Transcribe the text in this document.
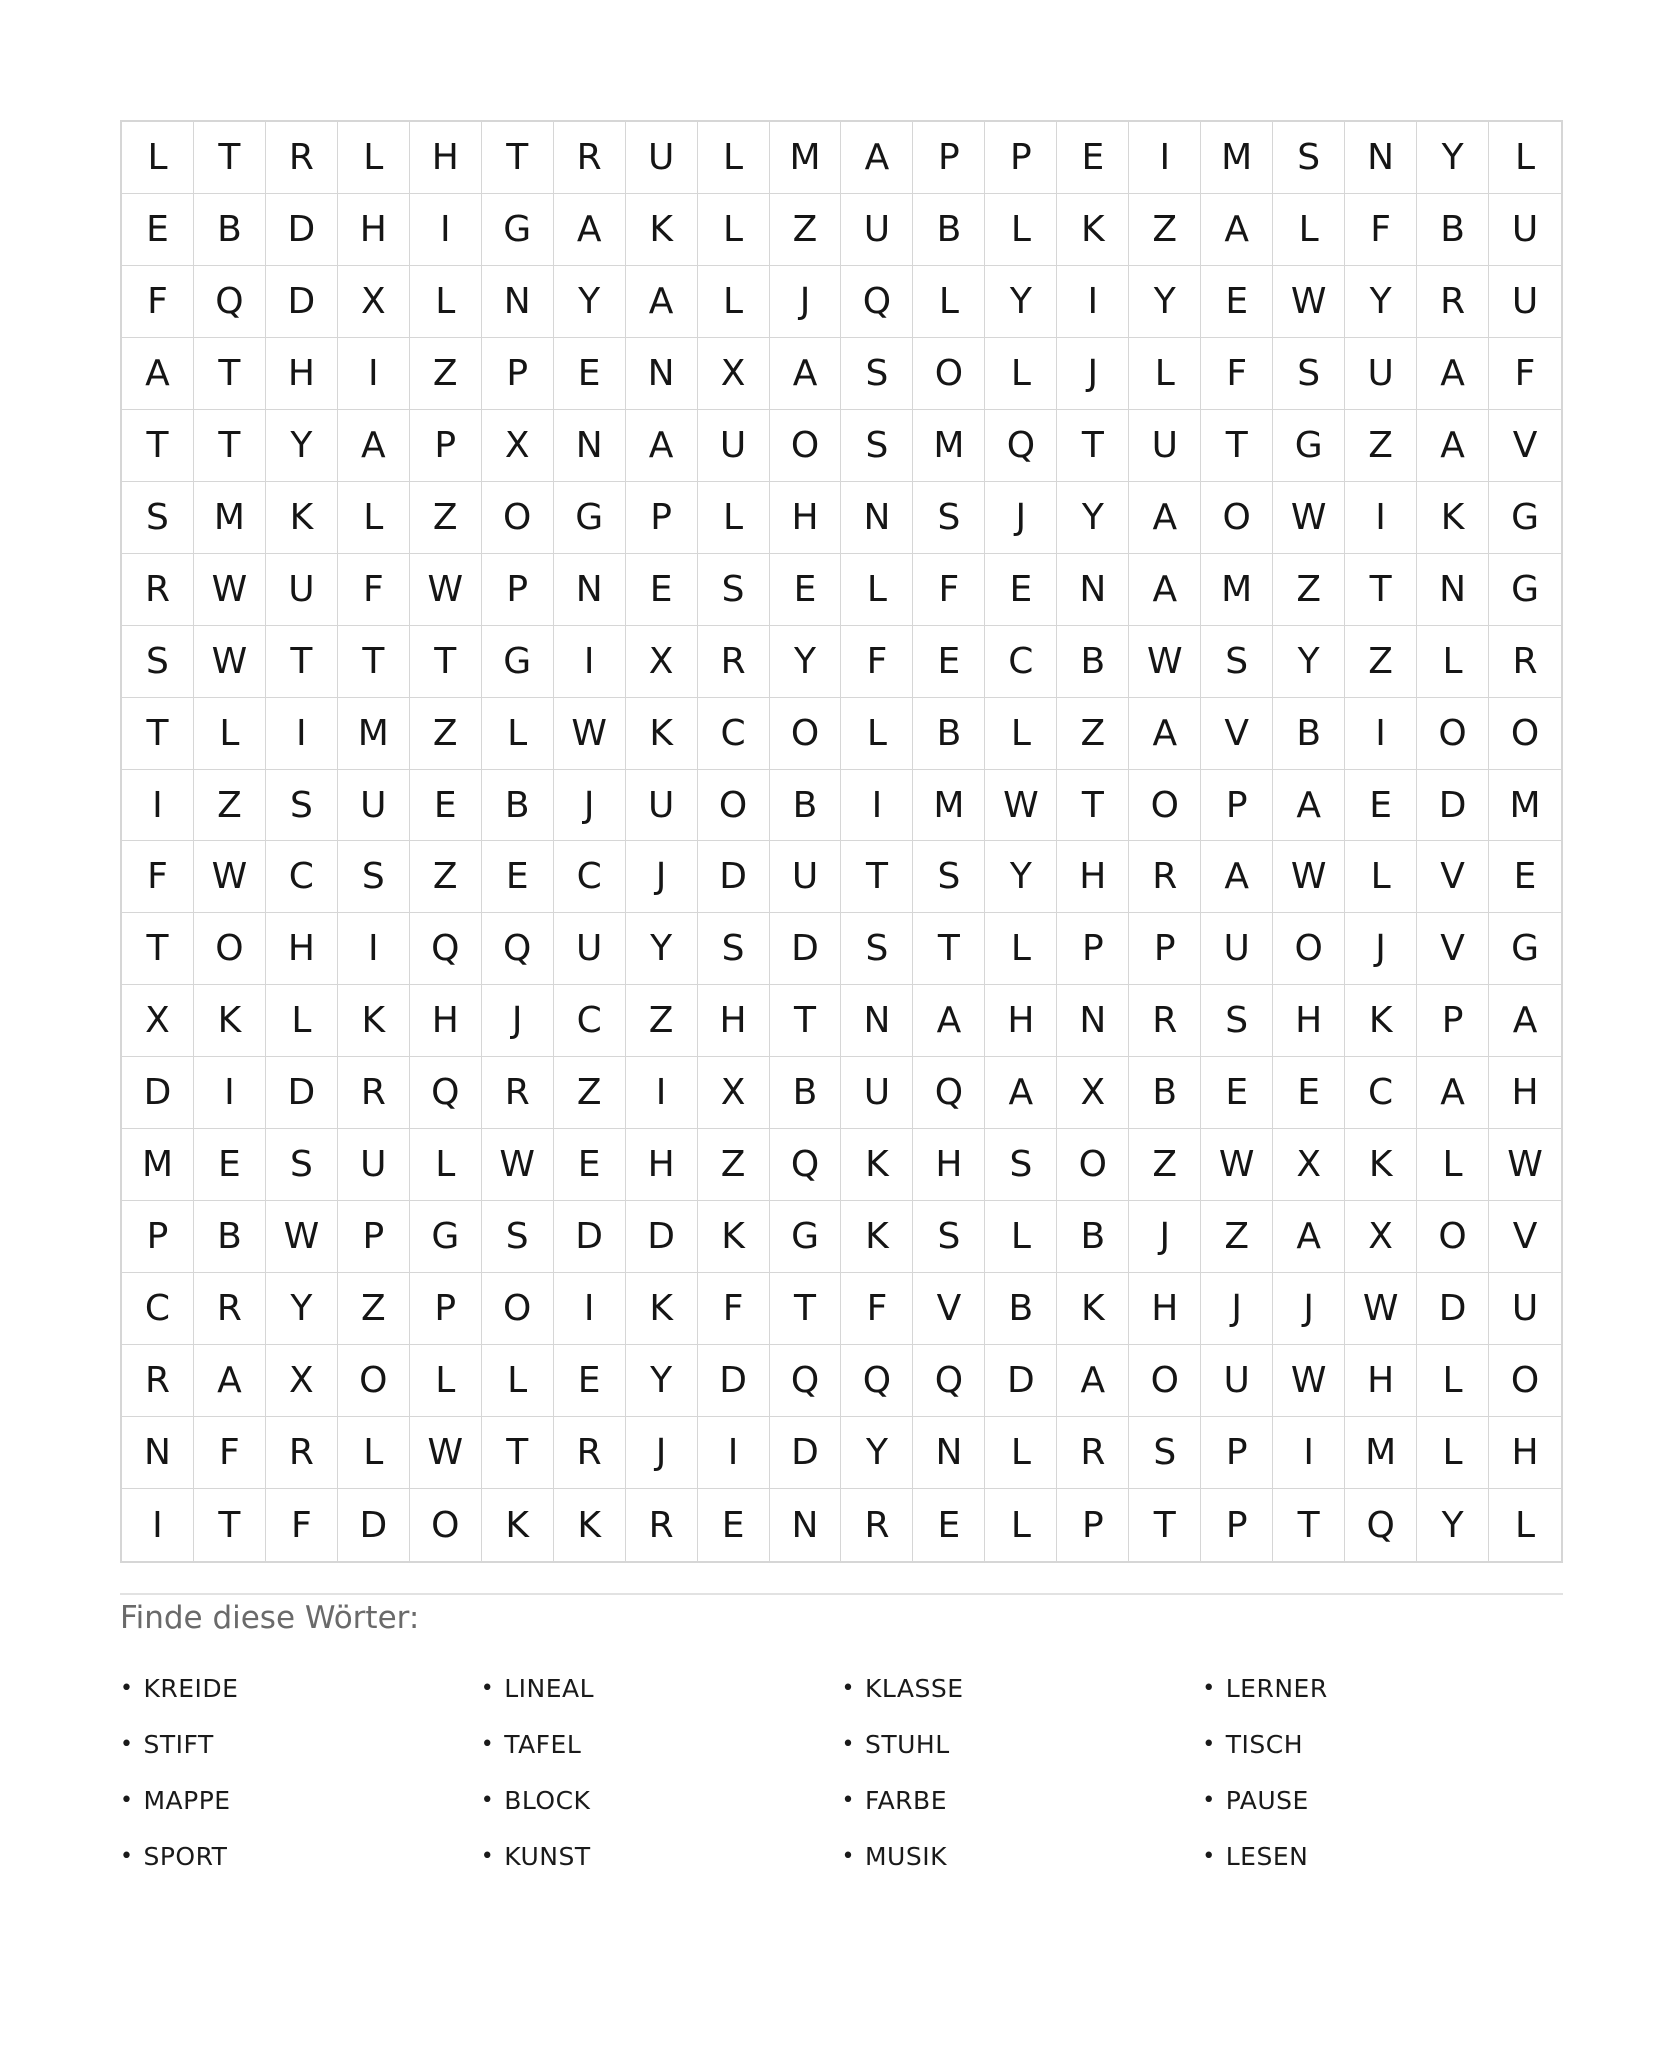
L	T	R	L	H	T	R	U	L	M	A	P	P	E	I	M	S	N	Y	L
E	B	D	H	I	G	A	K	L	Z	U	B	L	K	Z	A	L	F	B	U
F	Q	D	X	L	N	Y	A	L	J	Q	L	Y	I	Y	E	W	Y	R	U
A	T	H	I	Z	P	E	N	X	A	S	O	L	J	L	F	S	U	A	F
T	T	Y	A	P	X	N	A	U	O	S	M	Q	T	U	T	G	Z	A	V
S	M	K	L	Z	O	G	P	L	H	N	S	J	Y	A	O	W	I	K	G
R	W	U	F	W	P	N	E	S	E	L	F	E	N	A	M	Z	T	N	G
S	W	T	T	T	G	I	X	R	Y	F	E	C	B	W	S	Y	Z	L	R
T	L	I	M	Z	L	W	K	C	O	L	B	L	Z	A	V	B	I	O	O
I	Z	S	U	E	B	J	U	O	B	I	M	W	T	O	P	A	E	D	M
F	W	C	S	Z	E	C	J	D	U	T	S	Y	H	R	A	W	L	V	E
T	O	H	I	Q	Q	U	Y	S	D	S	T	L	P	P	U	O	J	V	G
X	K	L	K	H	J	C	Z	H	T	N	A	H	N	R	S	H	K	P	A
D	I	D	R	Q	R	Z	I	X	B	U	Q	A	X	B	E	E	C	A	H
M	E	S	U	L	W	E	H	Z	Q	K	H	S	O	Z	W	X	K	L	W
P	B	W	P	G	S	D	D	K	G	K	S	L	B	J	Z	A	X	O	V
C	R	Y	Z	P	O	I	K	F	T	F	V	B	K	H	J	J	W	D	U
R	A	X	O	L	L	E	Y	D	Q	Q	Q	D	A	O	U	W	H	L	O
N	F	R	L	W	T	R	J	I	D	Y	N	L	R	S	P	I	M	L	H
I	T	F	D	O	K	K	R	E	N	R	E	L	P	T	P	T	Q	Y	L
Finde diese Wörter:
• KREIDE	• LINEAL	• KLASSE	• LERNER
• STIFT	• TAFEL	• STUHL	• TISCH
• MAPPE	• BLOCK	• FARBE	• PAUSE
• SPORT	• KUNST	• MUSIK	• LESEN
